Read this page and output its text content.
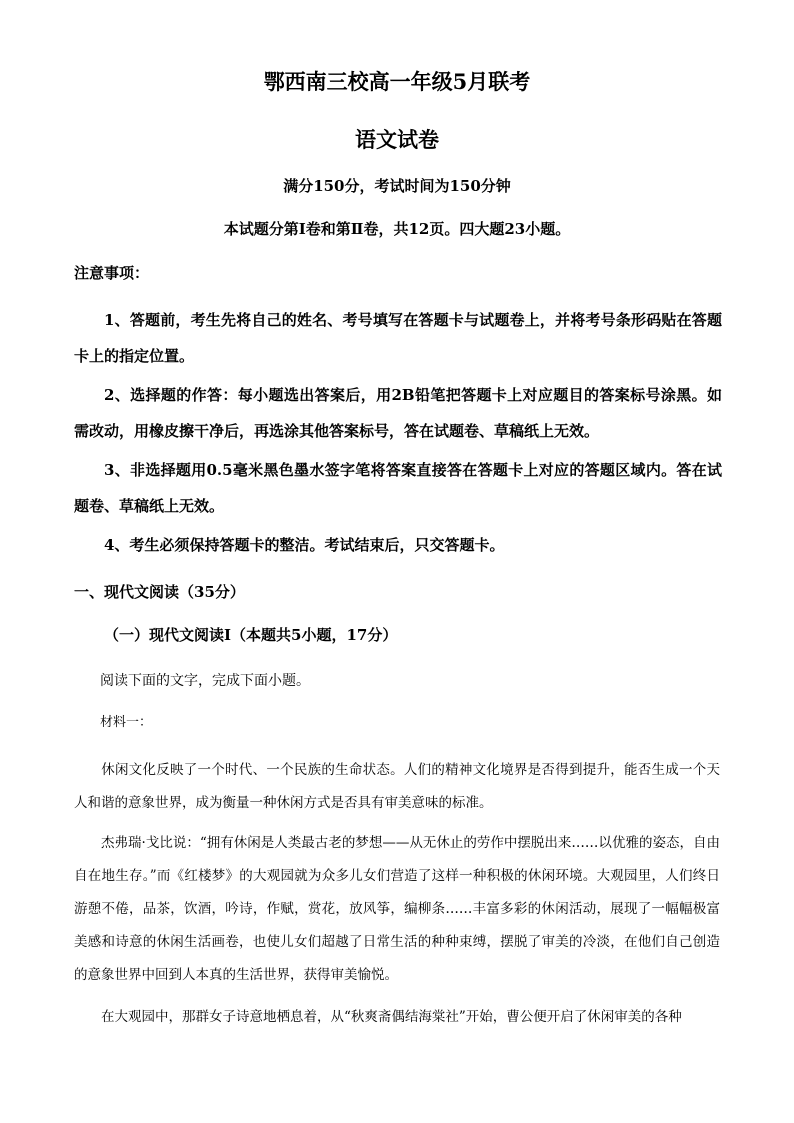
鄂西南三校高一年级5月联考
语文试卷
满分150分，考试时间为150分钟
本试题分第Ⅰ卷和第Ⅱ卷，共12页。四大题23小题。
注意事项：
1、答题前，考生先将自己的姓名、考号填写在答题卡与试题卷上，并将考号条形码贴在答题卡上的指定位置。
2、选择题的作答：每小题选出答案后，用2B铅笔把答题卡上对应题目的答案标号涂黑。如需改动，用橡皮擦干净后，再选涂其他答案标号，答在试题卷、草稿纸上无效。
3、非选择题用0.5毫米黑色墨水签字笔将答案直接答在答题卡上对应的答题区域内。答在试题卷、草稿纸上无效。
4、考生必须保持答题卡的整洁。考试结束后，只交答题卡。
一、现代文阅读（35分）
（一）现代文阅读Ⅰ（本题共5小题，17分）
阅读下面的文字，完成下面小题。
材料一：
休闲文化反映了一个时代、一个民族的生命状态。人们的精神文化境界是否得到提升，能否生成一个天人和谐的意象世界，成为衡量一种休闲方式是否具有审美意味的标准。
杰弗瑞·戈比说：“拥有休闲是人类最古老的梦想——从无休止的劳作中摆脱出来……以优雅的姿态，自由自在地生存。”而《红楼梦》的大观园就为众多儿女们营造了这样一种积极的休闲环境。大观园里，人们终日游憩不倦，品茶，饮酒，吟诗，作赋，赏花，放风筝，编柳条……丰富多彩的休闲活动，展现了一幅幅极富美感和诗意的休闲生活画卷，也使儿女们超越了日常生活的种种束缚，摆脱了审美的冷淡，在他们自己创造的意象世界中回到人本真的生活世界，获得审美愉悦。
在大观园中，那群女子诗意地栖息着，从“秋爽斋偶结海棠社”开始，曹公便开启了休闲审美的各种
